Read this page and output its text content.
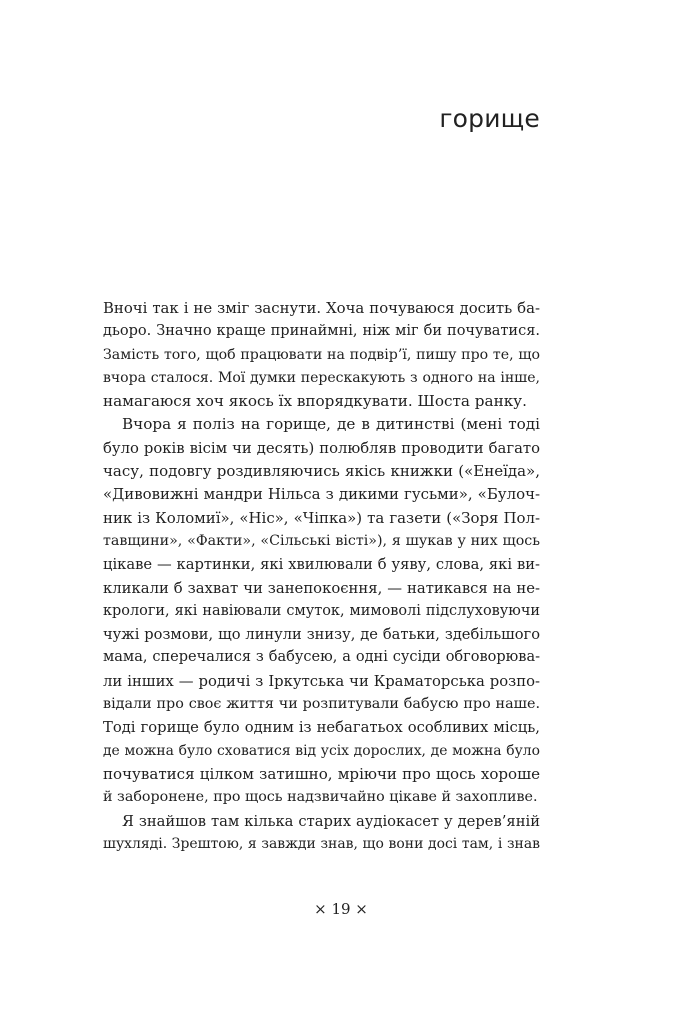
горище
Вночі так і не зміг заснути. Хоча почуваюся досить ба-
дьоро. Значно краще принаймні, ніж міг би почуватися.
Замість того, щоб працювати на подвір’ї, пишу про те, що
вчора сталося. Мої думки перескакують з одного на інше,
намагаюся хоч якось їх впорядкувати. Шоста ранку.
Вчора я поліз на горище, де в дитинстві (мені тоді
було років вісім чи десять) полюбляв проводити багато
часу, подовгу роздивляючись якісь книжки («Енеїда»,
«Дивовижні мандри Нільса з дикими гусьми», «Булоч-
ник із Коломиї», «Ніс», «Чіпка») та газети («Зоря Пол-
тавщини», «Факти», «Сільські вісті»), я шукав у них щось
цікаве — картинки, які хвилювали б уяву, слова, які ви-
кликали б захват чи занепокоєння, — натикався на не-
крологи, які навіювали смуток, мимоволі підслуховуючи
чужі розмови, що линули знизу, де батьки, здебільшого
мама, сперечалися з бабусею, а одні сусіди обговорюва-
ли інших — родичі з Іркутська чи Краматорська розпо-
відали про своє життя чи розпитували бабусю про наше.
Тоді горище було одним із небагатьох особливих місць,
де можна було сховатися від усіх дорослих, де можна було
почуватися цілком затишно, мріючи про щось хороше
й заборонене, про щось надзвичайно цікаве й захопливе.
Я знайшов там кілька старих аудіокасет у дерев’яній
шухляді. Зрештою, я завжди знав, що вони досі там, і знав
× 19 ×
